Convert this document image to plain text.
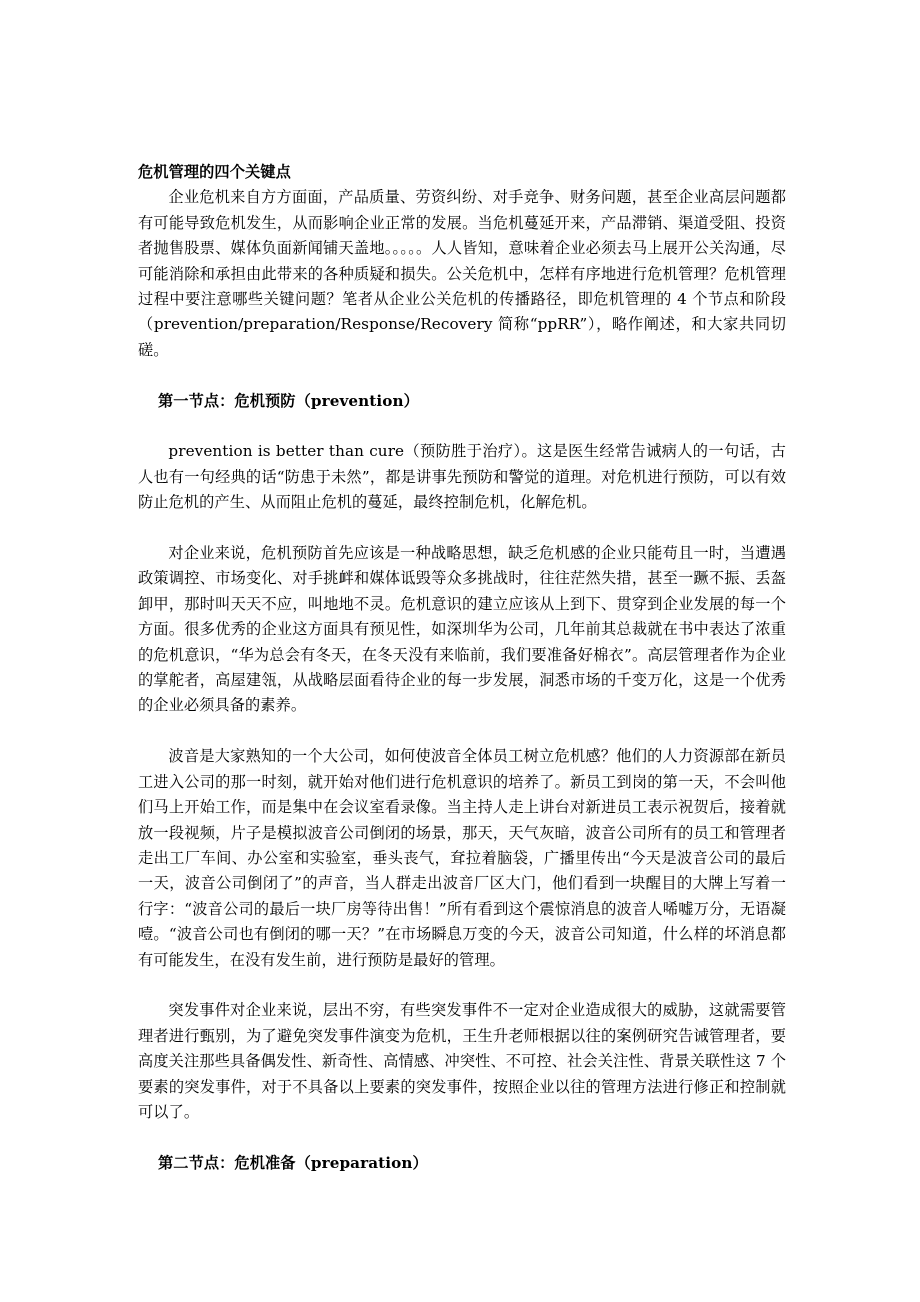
危机管理的四个关键点

企业危机来自方方面面，产品质量、劳资纠纷、对手竞争、财务问题，甚至企业高层问题都有可能导致危机发生，从而影响企业正常的发展。当危机蔓延开来，产品滞销、渠道受阻、投资者抛售股票、媒体负面新闻铺天盖地。。。。。人人皆知，意味着企业必须去马上展开公关沟通，尽可能消除和承担由此带来的各种质疑和损失。公关危机中，怎样有序地进行危机管理？危机管理过程中要注意哪些关键问题？笔者从企业公关危机的传播路径，即危机管理的 4 个节点和阶段（prevention/preparation/Response/Recovery 简称“ppRR”），略作阐述，和大家共同切磋。

第一节点：危机预防（prevention）

prevention is better than cure（预防胜于治疗）。这是医生经常告诫病人的一句话，古人也有一句经典的话“防患于未然”，都是讲事先预防和警觉的道理。对危机进行预防，可以有效防止危机的产生、从而阻止危机的蔓延，最终控制危机，化解危机。

对企业来说，危机预防首先应该是一种战略思想，缺乏危机感的企业只能苟且一时，当遭遇政策调控、市场变化、对手挑衅和媒体诋毁等众多挑战时，往往茫然失措，甚至一蹶不振、丢盔卸甲，那时叫天天不应，叫地地不灵。危机意识的建立应该从上到下、贯穿到企业发展的每一个方面。很多优秀的企业这方面具有预见性，如深圳华为公司，几年前其总裁就在书中表达了浓重的危机意识，“华为总会有冬天，在冬天没有来临前，我们要准备好棉衣”。高层管理者作为企业的掌舵者，高屋建瓴，从战略层面看待企业的每一步发展，洞悉市场的千变万化，这是一个优秀的企业必须具备的素养。

波音是大家熟知的一个大公司，如何使波音全体员工树立危机感？他们的人力资源部在新员工进入公司的那一时刻，就开始对他们进行危机意识的培养了。新员工到岗的第一天，不会叫他们马上开始工作，而是集中在会议室看录像。当主持人走上讲台对新进员工表示祝贺后，接着就放一段视频，片子是模拟波音公司倒闭的场景，那天，天气灰暗，波音公司所有的员工和管理者走出工厂车间、办公室和实验室，垂头丧气，耷拉着脑袋，广播里传出“今天是波音公司的最后一天，波音公司倒闭了”的声音，当人群走出波音厂区大门，他们看到一块醒目的大牌上写着一行字：“波音公司的最后一块厂房等待出售！”所有看到这个震惊消息的波音人唏嘘万分，无语凝噎。“波音公司也有倒闭的哪一天？”在市场瞬息万变的今天，波音公司知道，什么样的坏消息都有可能发生，在没有发生前，进行预防是最好的管理。

突发事件对企业来说，层出不穷，有些突发事件不一定对企业造成很大的威胁，这就需要管理者进行甄别，为了避免突发事件演变为危机，王生升老师根据以往的案例研究告诫管理者，要高度关注那些具备偶发性、新奇性、高情感、冲突性、不可控、社会关注性、背景关联性这 7 个要素的突发事件，对于不具备以上要素的突发事件，按照企业以往的管理方法进行修正和控制就可以了。

第二节点：危机准备（preparation）
